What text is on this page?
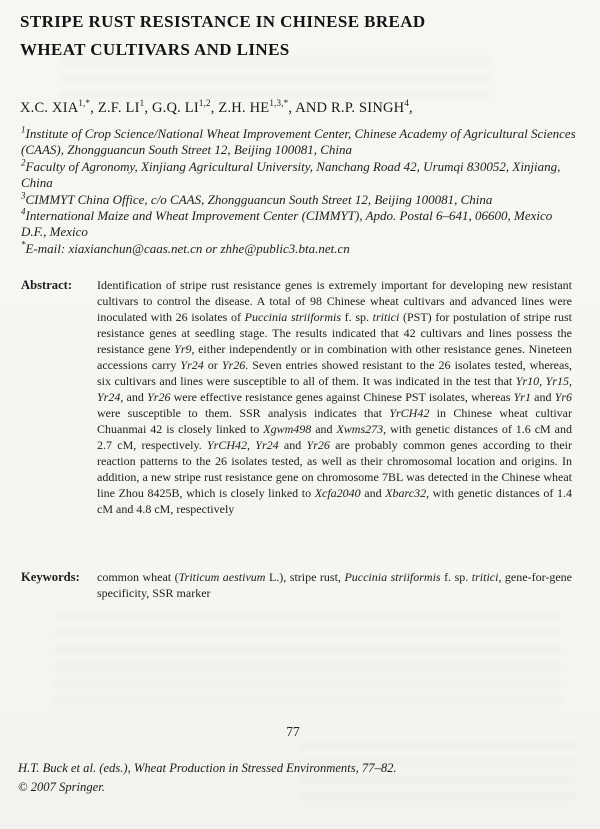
STRIPE RUST RESISTANCE IN CHINESE BREAD
WHEAT CULTIVARS AND LINES
X.C. $XIA^{1,*}$, Z.F. $LI^1$, G.Q. LI$^{1,2}$, Z.H. $HE^{1,3,*}$, AND R.P. SINGH$^4$,
$^1$Institute of Crop Science/National Wheat Improvement Center, Chinese Academy of Agricultural Sciences (CAAS), Zhongguancun South Street 12, Beijing 100081, China
$^2$Faculty of Agronomy, Xinjiang Agricultural University, Nanchang Road 42, Urumqi 830052, Xinjiang, China
$^3$CIMMYT China Office, c/o CAAS, Zhongguancun South Street 12, Beijing 100081, China
$^4$International Maize and Wheat Improvement Center (CIMMYT), Apdo. Postal 6–641, 06600, Mexico D.F., Mexico
*E-mail: xiaxianchun@caas.net.cn or zhhe@public3.bta.net.cn
Abstract:	Identification of stripe rust resistance genes is extremely important for developing new resistant cultivars to control the disease. A total of 98 Chinese wheat cultivars and advanced lines were inoculated with 26 isolates of Puccinia striiformis f. sp. tritici (PST) for postulation of stripe rust resistance genes at seedling stage. The results indicated that 42 cultivars and lines possess the resistance gene Yr9, either independently or in combination with other resistance genes. Nineteen accessions carry Yr24 or Yr26. Seven entries showed resistant to the 26 isolates tested, whereas, six cultivars and lines were susceptible to all of them. It was indicated in the test that Yr10, Yr15, Yr24, and Yr26 were effective resistance genes against Chinese PST isolates, whereas Yr1 and Yr6 were susceptible to them. SSR analysis indicates that YrCH42 in Chinese wheat cultivar Chuanmai 42 is closely linked to Xgwm498 and Xwms273, with genetic distances of 1.6 cM and 2.7 cM, respectively. YrCH42, Yr24 and Yr26 are probably common genes according to their reaction patterns to the 26 isolates tested, as well as their chromosomal location and origins. In addition, a new stripe rust resistance gene on chromosome 7BL was detected in the Chinese wheat line Zhou 8425B, which is closely linked to Xcfa2040 and Xbarc32, with genetic distances of 1.4 cM and 4.8 cM, respectively
Keywords:	common wheat (Triticum aestivum L.), stripe rust, Puccinia striiformis f. sp. tritici, gene-for-gene specificity, SSR marker
77
H.T. Buck et al. (eds.), Wheat Production in Stressed Environments, 77–82.
© 2007 Springer.
